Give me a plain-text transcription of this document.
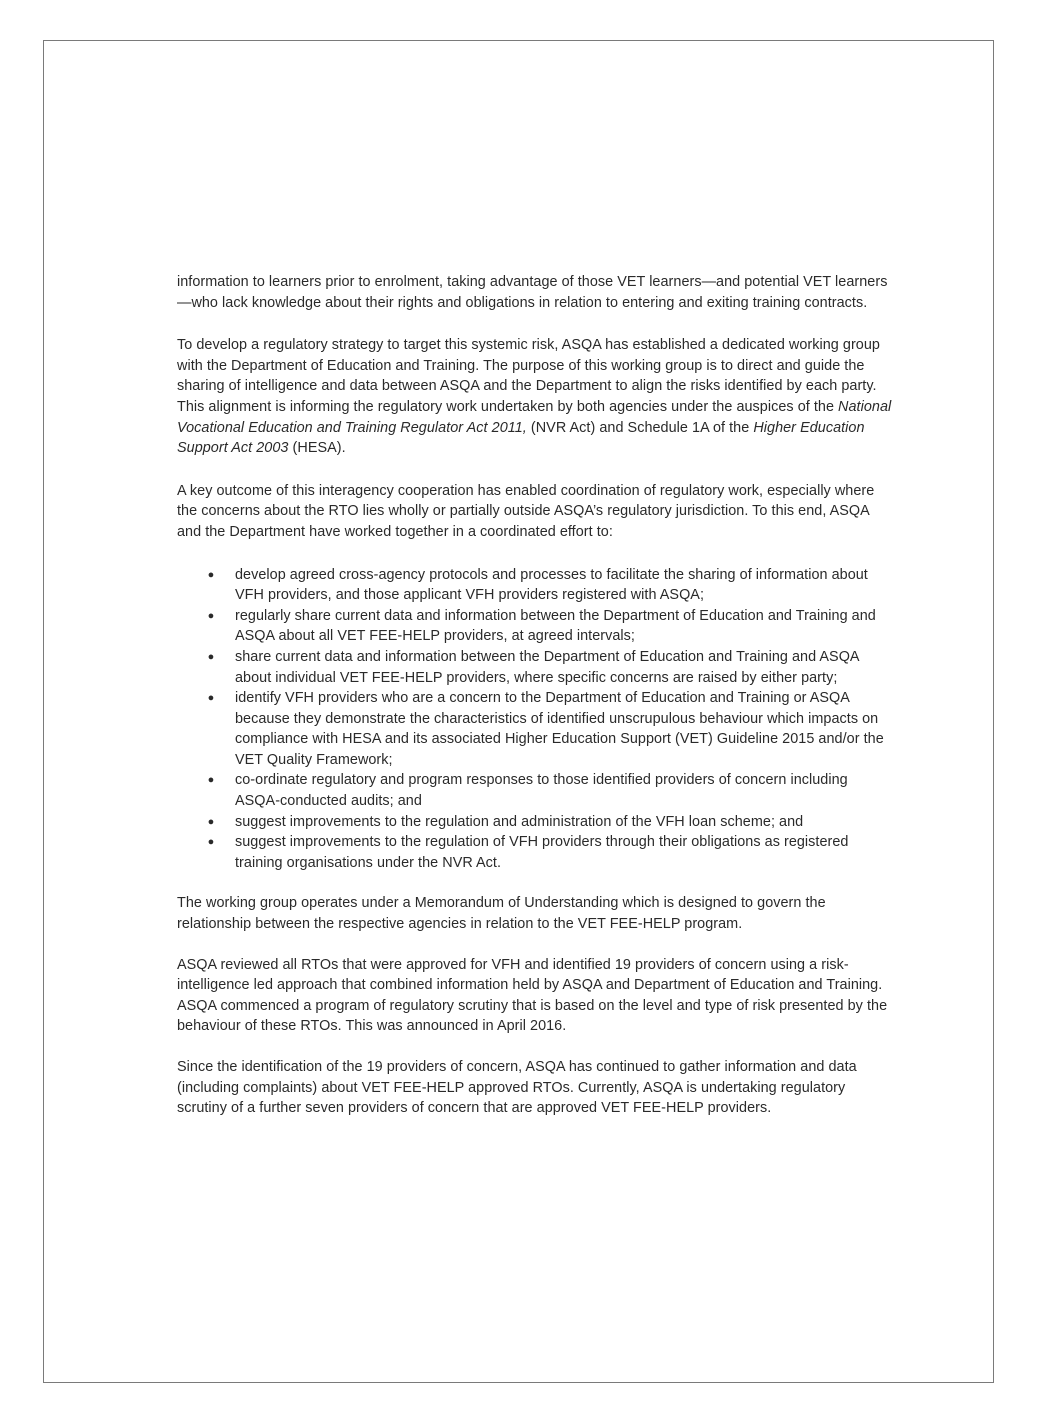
information to learners prior to enrolment, taking advantage of those VET learners—and potential VET learners—who lack knowledge about their rights and obligations in relation to entering and exiting training contracts.

To develop a regulatory strategy to target this systemic risk, ASQA has established a dedicated working group with the Department of Education and Training. The purpose of this working group is to direct and guide the sharing of intelligence and data between ASQA and the Department to align the risks identified by each party. This alignment is informing the regulatory work undertaken by both agencies under the auspices of the National Vocational Education and Training Regulator Act 2011, (NVR Act) and Schedule 1A of the Higher Education Support Act 2003 (HESA).

A key outcome of this interagency cooperation has enabled coordination of regulatory work, especially where the concerns about the RTO lies wholly or partially outside ASQA’s regulatory jurisdiction. To this end, ASQA and the Department have worked together in a coordinated effort to:

● develop agreed cross-agency protocols and processes to facilitate the sharing of information about VFH providers, and those applicant VFH providers registered with ASQA;
● regularly share current data and information between the Department of Education and Training and ASQA about all VET FEE-HELP providers, at agreed intervals;
● share current data and information between the Department of Education and Training and ASQA about individual VET FEE-HELP providers, where specific concerns are raised by either party;
● identify VFH providers who are a concern to the Department of Education and Training or ASQA because they demonstrate the characteristics of identified unscrupulous behaviour which impacts on compliance with HESA and its associated Higher Education Support (VET) Guideline 2015 and/or the VET Quality Framework;
● co-ordinate regulatory and program responses to those identified providers of concern including ASQA-conducted audits; and
● suggest improvements to the regulation and administration of the VFH loan scheme; and
● suggest improvements to the regulation of VFH providers through their obligations as registered training organisations under the NVR Act.

The working group operates under a Memorandum of Understanding which is designed to govern the relationship between the respective agencies in relation to the VET FEE-HELP program.

ASQA reviewed all RTOs that were approved for VFH and identified 19 providers of concern using a risk-intelligence led approach that combined information held by ASQA and Department of Education and Training. ASQA commenced a program of regulatory scrutiny that is based on the level and type of risk presented by the behaviour of these RTOs. This was announced in April 2016.

Since the identification of the 19 providers of concern, ASQA has continued to gather information and data (including complaints) about VET FEE-HELP approved RTOs. Currently, ASQA is undertaking regulatory scrutiny of a further seven providers of concern that are approved VET FEE-HELP providers.
